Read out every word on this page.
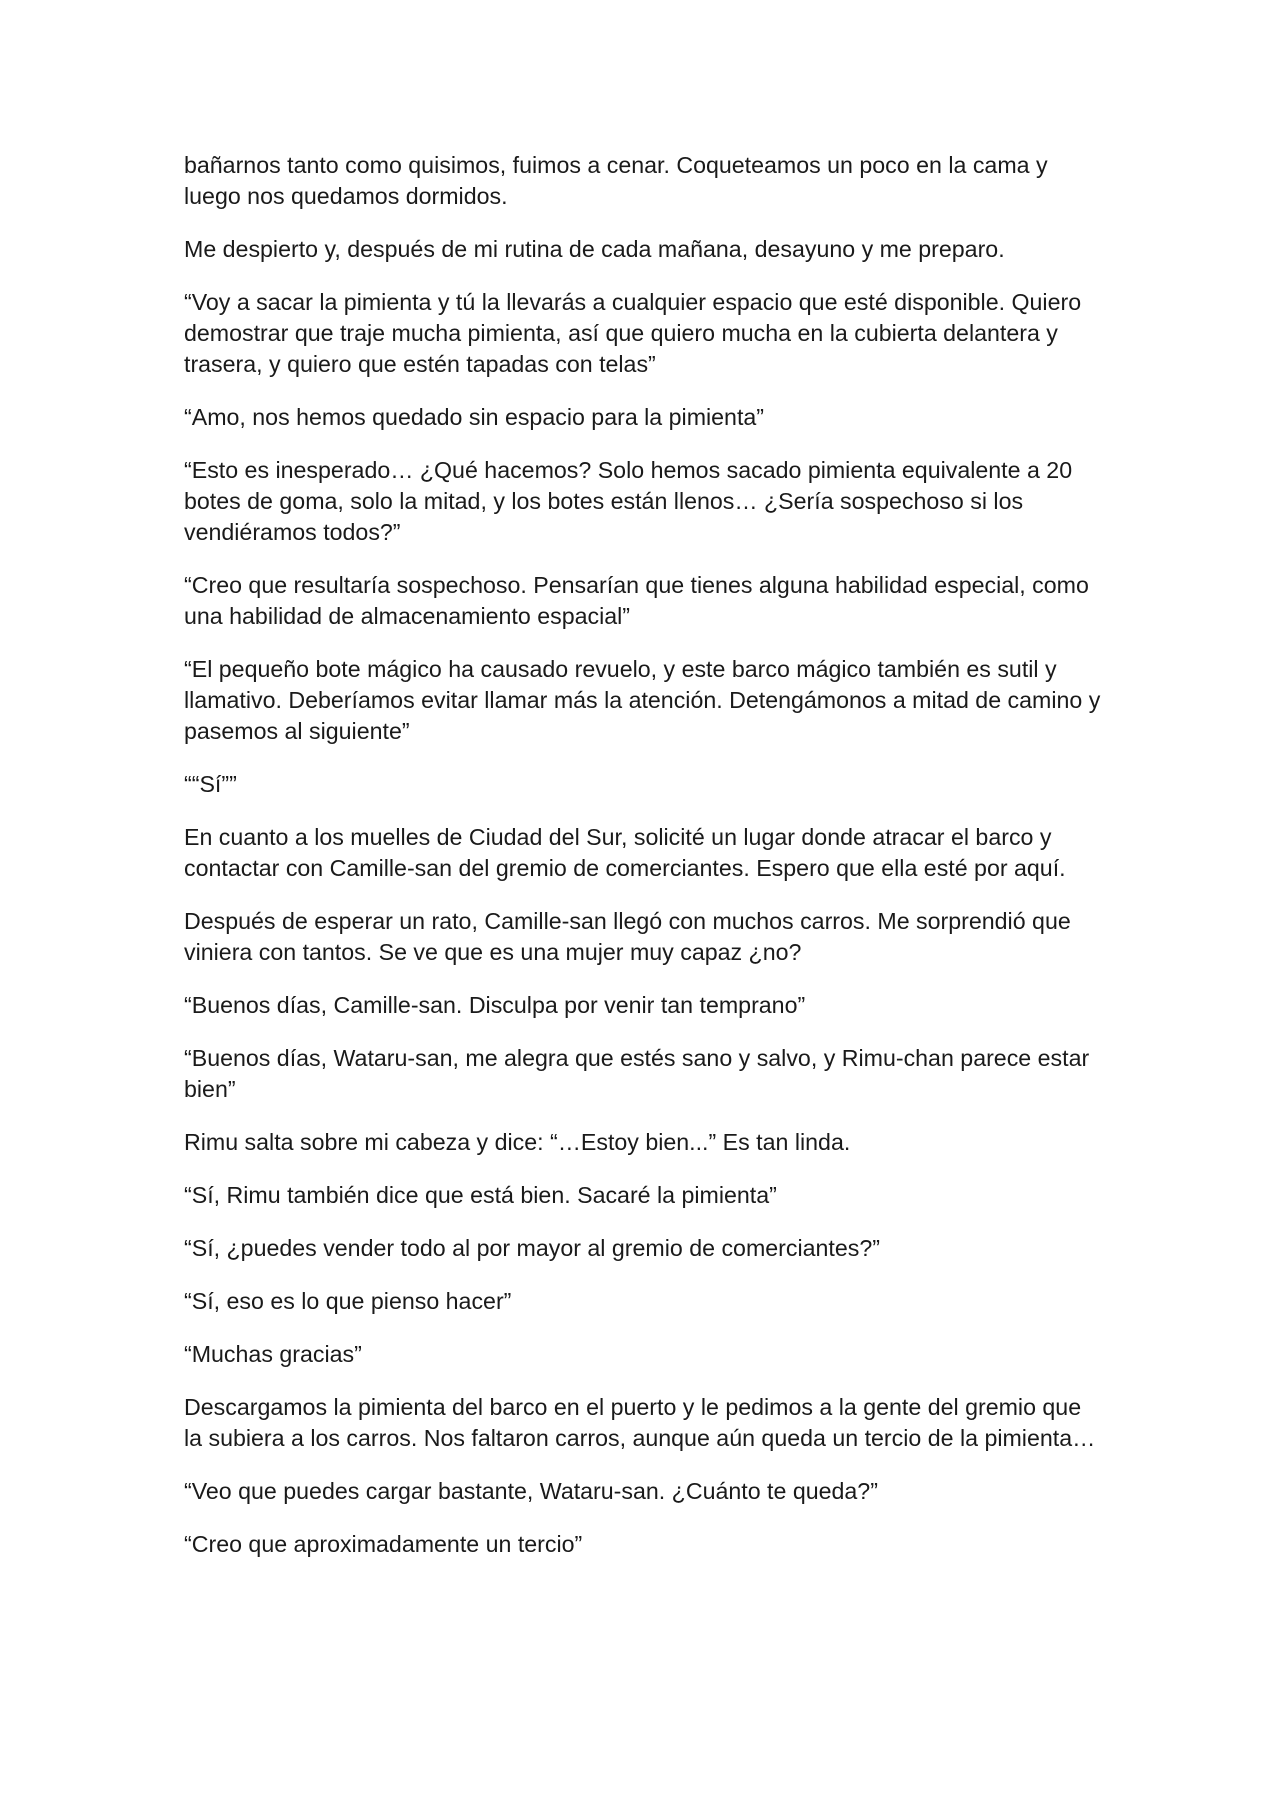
bañarnos tanto como quisimos, fuimos a cenar. Coqueteamos un poco en la cama y luego nos quedamos dormidos.

Me despierto y, después de mi rutina de cada mañana, desayuno y me preparo.

“Voy a sacar la pimienta y tú la llevarás a cualquier espacio que esté disponible. Quiero demostrar que traje mucha pimienta, así que quiero mucha en la cubierta delantera y trasera, y quiero que estén tapadas con telas”

“Amo, nos hemos quedado sin espacio para la pimienta”

“Esto es inesperado… ¿Qué hacemos? Solo hemos sacado pimienta equivalente a 20 botes de goma, solo la mitad, y los botes están llenos… ¿Sería sospechoso si los vendiéramos todos?”

“Creo que resultaría sospechoso. Pensarían que tienes alguna habilidad especial, como una habilidad de almacenamiento espacial”

“El pequeño bote mágico ha causado revuelo, y este barco mágico también es sutil y llamativo. Deberíamos evitar llamar más la atención. Detengámonos a mitad de camino y pasemos al siguiente”

““Sí””

En cuanto a los muelles de Ciudad del Sur, solicité un lugar donde atracar el barco y contactar con Camille-san del gremio de comerciantes. Espero que ella esté por aquí.

Después de esperar un rato, Camille-san llegó con muchos carros. Me sorprendió que viniera con tantos. Se ve que es una mujer muy capaz ¿no?

“Buenos días, Camille-san. Disculpa por venir tan temprano”

“Buenos días, Wataru-san, me alegra que estés sano y salvo, y Rimu-chan parece estar bien”

Rimu salta sobre mi cabeza y dice: “…Estoy bien...” Es tan linda.

“Sí, Rimu también dice que está bien. Sacaré la pimienta”

“Sí, ¿puedes vender todo al por mayor al gremio de comerciantes?”

“Sí, eso es lo que pienso hacer”

“Muchas gracias”

Descargamos la pimienta del barco en el puerto y le pedimos a la gente del gremio que la subiera a los carros. Nos faltaron carros, aunque aún queda un tercio de la pimienta…

“Veo que puedes cargar bastante, Wataru-san. ¿Cuánto te queda?”

“Creo que aproximadamente un tercio”
